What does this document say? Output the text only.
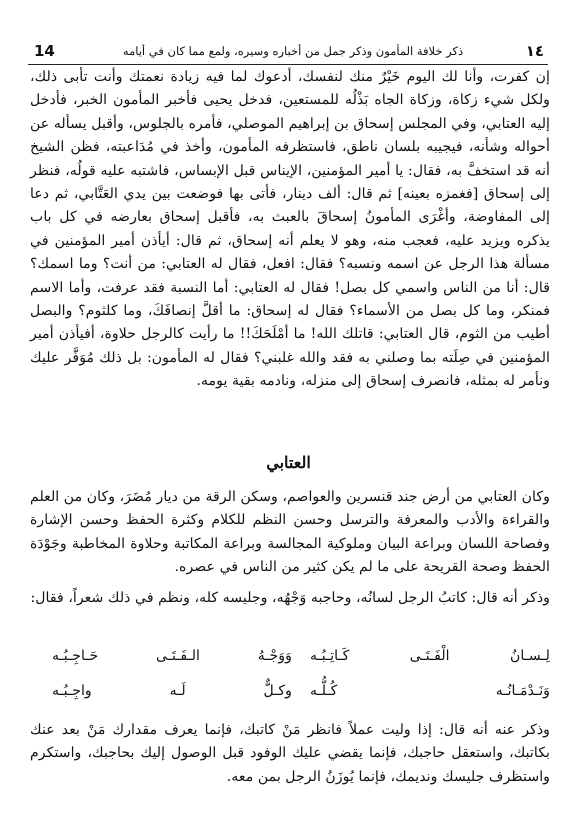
14	ذكر خلافة المأمون وذكر جمل من أخباره وسيره، ولمع مما كان في أيامه	١٤
إن كفرت، وأنا لك اليوم خَيْرٌ منك لنفسك، أدعوك لما فيه زيادة نعمتك وأنت تأبى ذلك، ولكل شيء زكاة، وزكاة الجاه بَذْلُه للمستعين، فدخل يحيى فأخبر المأمون الخبر، فأدخل إليه العتابي، وفي المجلس إسحاق بن إبراهيم الموصلي، فأمره بالجلوس، وأقبل يسأله عن أحواله وشأنه، فيجيبه بلسان ناطق، فاستظرفه المأمون، وأخذ في مُدَاعبته، فظن الشيخ أنه قد استخفَّ به، فقال: يا أمير المؤمنين، الإيناس قبل الإبساس، فاشتبه عليه قولُه، فنظر إلى إسحاق [فغمزه بعينه] ثم قال: ألف دينار، فأتى بها فوضعت بين يدي العَتَّابي، ثم دعا إلى المفاوضة، وأغْرَى المأمونُ إسحاقَ بالعبث به، فأقبل إسحاق بعارضه في كل باب يذكره ويزيد عليه، فعجب منه، وهو لا يعلم أنه إسحاق، ثم قال: أيأذن أمير المؤمنين في مسألة هذا الرجل عن اسمه ونسبه؟ فقال: افعل، فقال له العتابي: من أنت؟ وما اسمك؟ قال: أنا من الناس واسمي كل بصل! فقال له العتابي: أما النسبة فقد عرفت، وأما الاسم فمنكر، وما كل بصل من الأسماء؟ فقال له إسحاق: ما أقلَّ إنصافَكَ، وما كلثوم؟ والبصل أطيب من الثوم، قال العتابي: قاتلك الله! ما أمْلَحَكَ!! ما رأيت كالرجل حلاوة، أفيأذن أمير المؤمنين في صِلَته بما وصلني به فقد والله غلبني؟ فقال له المأمون: بل ذلك مُوَفَّر عليك ونأمر له بمثله، فانصرف إسحاق إلى منزله، ونادمه بقية يومه.
العتابي
وكان العتابي من أرض جند قنسرين والعواصم، وسكن الرقة من ديار مُضَرَ، وكان من العلم والقراءة والأدب والمعرفة والترسل وحسن النظم للكلام وكثرة الحفظ وحسن الإشارة وفصاحة اللسان وبراعة البيان وملوكية المجالسة وبراعة المكاتبة وحلاوة المخاطبة وجَوْدَة الحفظ وصحة القريحة على ما لم يكن كثير من الناس في عصره.
وذكر أنه قال: كاتبُ الرجل لسانُه، وحاجبه وَجْهُه، وجليسه كله، ونظم في ذلك شعراً، فقال:
لِـسـانُ الْفَـتَـى كَـاتِـبُـه
وَوَجْـهُ الـفَـتَـى حَـاجِـبُـه
وَنَـدْمَـانُـه كُـلُّـه
وكـلٌّ لَـه واجِـبُـه
وذكر عنه أنه قال: إذا وليت عملاً فانظر مَنْ كاتبك، فإنما يعرف مقدارك مَنْ بعد عنك بكاتبك، واستعقل حاجبك، فإنما يقضي عليك الوفود قبل الوصول إليك بحاجبك، واستكرم واستظرف جليسك ونديمك، فإنما يُوزَنُ الرجل بمن معه.
